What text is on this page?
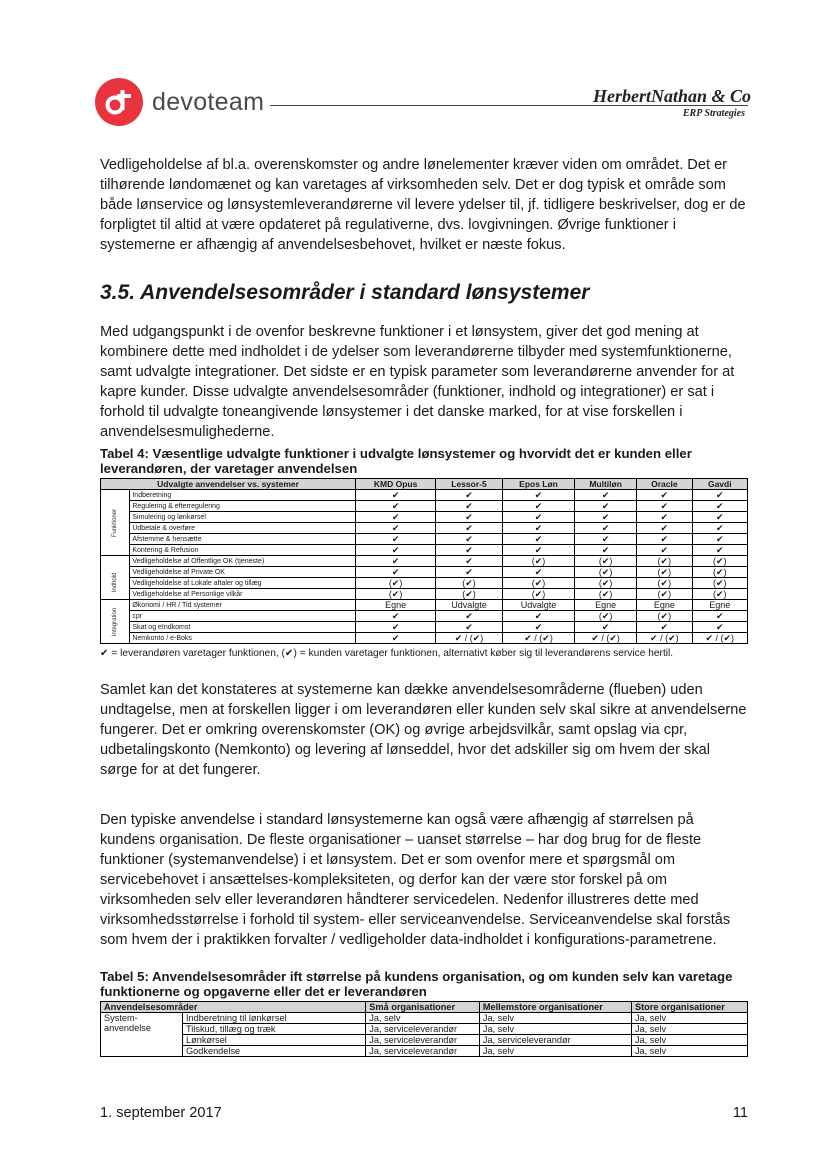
devoteam	HerbertNathan & Co
ERP Strategies
Vedligeholdelse af bl.a. overenskomster og andre lønelementer kræver viden om området. Det er tilhørende løndomænet og kan varetages af virksomheden selv. Det er dog typisk et område som både lønservice og lønsystemleverandørerne vil levere ydelser til, jf. tidligere beskrivelser, dog er de forpligtet til altid at være opdateret på regulativerne, dvs. lovgivningen. Øvrige funktioner i systemerne er afhængig af anvendelsesbehovet, hvilket er næste fokus.
3.5. Anvendelsesområder i standard lønsystemer
Med udgangspunkt i de ovenfor beskrevne funktioner i et lønsystem, giver det god mening at kombinere dette med indholdet i de ydelser som leverandørerne tilbyder med systemfunktionerne, samt udvalgte integrationer. Det sidste er en typisk parameter som leverandørerne anvender for at kapre kunder. Disse udvalgte anvendelsesområder (funktioner, indhold og integrationer) er sat i forhold til udvalgte toneangivende lønsystemer i det danske marked, for at vise forskellen i anvendelsesmulighederne.
Tabel 4: Væsentlige udvalgte funktioner i udvalgte lønsystemer og hvorvidt det er kunden eller leverandøren, der varetager anvendelsen
Udvalgte anvendelser vs. systemer		KMD Opus	Lessor-5	Epos Løn	Multiløn	Oracle	Gavdi

Funktioner	Indberetning	✔	✔	✔	✔	✔	✔
	Regulering & efterregulering	✔	✔	✔	✔	✔	✔
	Simulering og lønkørsel	✔	✔	✔	✔	✔	✔
	Udbetale & overføre	✔	✔	✔	✔	✔	✔
	Afstemme & hensætte	✔	✔	✔	✔	✔	✔
	Kontering & Refusion	✔	✔	✔	✔	✔	✔

Indhold	Vedligeholdelse af Offentlige OK (tjeneste)	✔	✔	(✔)	(✔)	(✔)	(✔)
	Vedligeholdelse af Private OK	✔	✔	✔	(✔)	(✔)	(✔)
	Vedligeholdelse af Lokale aftaler og tillæg	(✔)	(✔)	(✔)	(✔)	(✔)	(✔)
	Vedligeholdelse af Personlige vilkår	(✔)	(✔)	(✔)	(✔)	(✔)	(✔)

Integration	Økonomi / HR / Tid systemer	Egne	Udvalgte	Udvalgte	Egne	Egne	Egne
	cpr	✔	✔	✔	(✔)	(✔)	✔
	Skat og eIndkomst	✔	✔	✔	✔	✔	✔
	Nemkonto / e-Boks	✔	✔ / (✔)	✔ / (✔)	✔ / (✔)	✔ / (✔)	✔ / (✔)
✔ = leverandøren varetager funktionen, (✔) = kunden varetager funktionen, alternativt køber sig til leverandørens service hertil.
Samlet kan det konstateres at systemerne kan dække anvendelsesområderne (flueben) uden undtagelse, men at forskellen ligger i om leverandøren eller kunden selv skal sikre at anvendelserne fungerer. Det er omkring overenskomster (OK) og øvrige arbejdsvilkår, samt opslag via cpr, udbetalingskonto (Nemkonto) og levering af lønseddel, hvor det adskiller sig om hvem der skal sørge for at det fungerer.
Den typiske anvendelse i standard lønsystemerne kan også være afhængig af størrelsen på kundens organisation. De fleste organisationer – uanset størrelse – har dog brug for de fleste funktioner (systemanvendelse) i et lønsystem. Det er som ovenfor mere et spørgsmål om servicebehovet i ansættelses-kompleksiteten, og derfor kan der være stor forskel på om virksomheden selv eller leverandøren håndterer servicedelen. Nedenfor illustreres dette med virksomhedsstørrelse i forhold til system- eller serviceanvendelse. Serviceanvendelse skal forstås som hvem der i praktikken forvalter / vedligeholder data-indholdet i konfigurations-parametrene.
Tabel 5: Anvendelsesområder ift størrelse på kundens organisation, og om kunden selv kan varetage funktionerne og opgaverne eller det er leverandøren
Anvendelsesområder		Små organisationer	Mellemstore organisationer	Store organisationer
System-anvendelse	Indberetning til lønkørsel	Ja, selv	Ja, selv	Ja, selv
	Tilskud, tillæg og træk	Ja, serviceleverandør	Ja, selv	Ja, selv
	Lønkørsel	Ja, serviceleverandør	Ja, serviceleverandør	Ja, selv
	Godkendelse	Ja, serviceleverandør	Ja, selv	Ja, selv
1. september 2017	11
